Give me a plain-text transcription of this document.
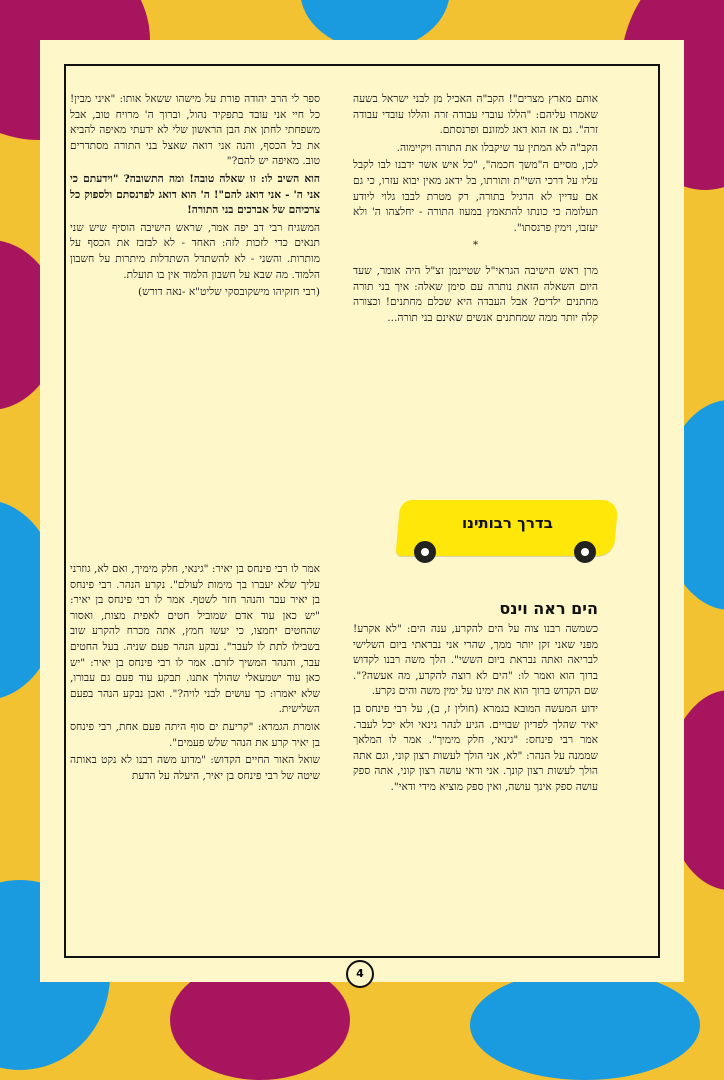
אותם מארץ מצרים"! הקב"ה האכיל מן לבני ישראל בשעה שאמרו עליהם: "הללו עובדי עבודה זרה והללו עובדי עבודה זרה". גם אז הוא דאג למזונם ופרנסתם.

הקב"ה לא המתין עד שיקבלו את התורה ויקיימוה.

לכן, מסיים ה"משך חכמה", "כל איש אשר ידבנו לבו לקבל עליו על דרכי השי"ת ותורתו, בל ידאג מאין יבוא עזרו, כי גם אם עדיין לא הרגיל בתורה, רק מטרת לבבו גלוי ליודע תעלומה כי כונתו להתאמץ במעוז התורה - יחלצהו ה' ולא יעזבו, וימין פרנסתו".

*

מרן ראש הישיבה הגראי"ל שטיינמן זצ"ל היה אומר, שעד היום השאלה הזאת נותרה עם סימן שאלה: איך בני תורה מחתנים ילדים? אבל העבדה היא שכלם מחתנים! וכצורה קלה יותר ממה שמחתנים אנשים שאינם בני תורה...

ספר לי הרב יהודה פורת על מישהו ששאל אותו: "איני מבין! כל חיי אני עובד בתפקיד נהול, וברוך ה' מרויח טוב, אבל משפחתי לחתן את הבן הראשון שלי לא ידעתי מאיפה להביא את כל הכסף, והנה אני רואה שאצל בני התורה מסתדרים טוב. מאיפה יש להם?"

הוא השיב לו: זו שאלה טובה! ומה התשובה? "וידעתם כי אני ה' - אני דואג להם"! ה' הוא דואג לפרנסתם ולספוק כל צרכיהם של אברכים בני התורה!

המשגיח רבי דב יפה אמר, שראש הישיבה הוסיף שיש שני תנאים כדי לזכות לזה: האחד - לא לבזבז את הכסף על מותרות. והשני - לא להשתדל השתדלות מיתרות על חשבון הלמוד. מה שבא על חשבון הלמוד אין בו תועלת.

(רבי חזקיהו מישקובסקי שליט"א -נאה דורש)

בדרך רבותינו
הים ראה וינס

כשמשה רבנו צוה על הים להקרע, ענה הים: "לא אקרע! מפני שאני זקן יותר ממך, שהרי אני נבראתי ביום השלישי לבריאה ואתה נבראת ביום הששי". הלך משה רבנו לקדוש ברוך הוא ואמר לו: "הים לא רוצה להקרע, מה אעשה?". שם הקדוש ברוך הוא את ימינו על ימין משה והים נקרע.

ידוע המעשה המובא בגמרא (חולין ז, ב), על רבי פינחס בן יאיר שהלך לפדיון שבויים. הגיע לנהר גינאי ולא יכל לעבר. אמר רבי פינחס: "גינאי, חלק מימיך". אמר לו המלאך שממנה על הנהר: "לא, אני הולך לעשות רצון קוני, וגם אתה הולך לעשות רצון קונך. אני ודאי עושה רצון קוני, אתה ספק עושה ספק אינך עושה, ואין ספק מוציא מידי ודאי".

אמר לו רבי פינחס בן יאיר: "גינאי, חלק מימיך, ואם לא, גוזרני עליך שלא יעברו בך מימות לעולם". נקרע הנהר. רבי פינחס בן יאיר עבר והנהר חזר לשטף. אמר לו רבי פינחס בן יאיר: "יש כאן עוד אדם שמוביל חטים לאפית מצות, ואסור שהחטים יחמצו, כי יעשו חמץ, אתה מכרח להקרע שוב בשבילו לתת לו לעבר". נבקע הנהר פעם שניה. בעל החטים עבר, והנהר המשיך לזרם. אמר לו רבי פינחס בן יאיר: "יש כאן עוד ישמעאלי שהולך אתנו. תבקע עוד פעם גם עבורו, שלא יאמרו: כך עושים לבני לויה?". ואכן נבקע הנהר בפעם השלישית.

אומרת הגמרא: "קריעת ים סוף היתה פעם אחת, רבי פינחס בן יאיר קרע את הנהר שלש פעמים".

שואל האור החיים הקדוש: "מדוע משה רבנו לא נקט באותה שיטה של רבי פינחס בן יאיר, היעלה על הדעת

4
